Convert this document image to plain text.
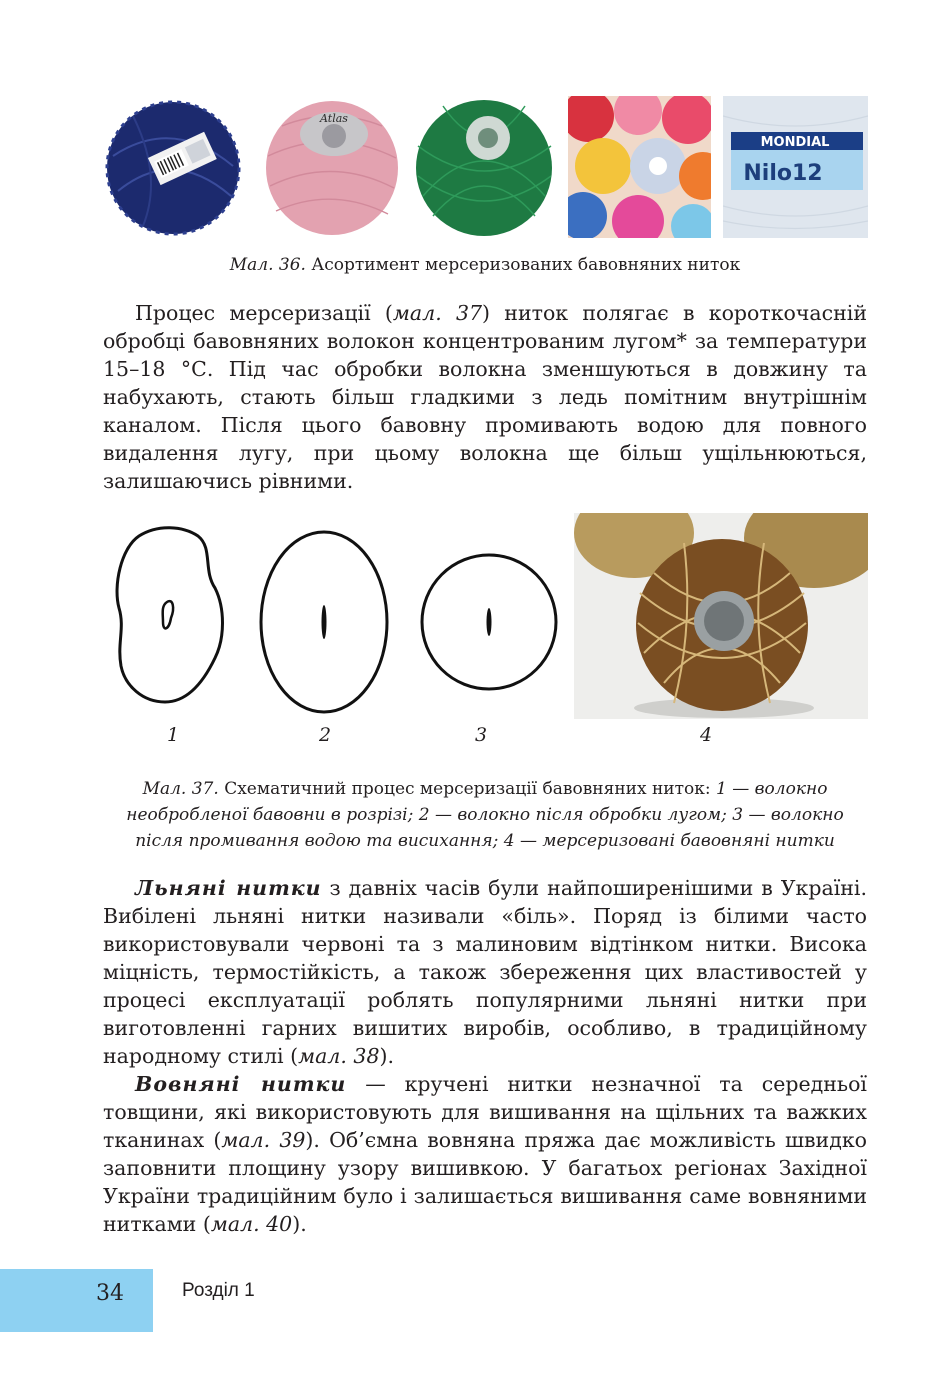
Atlas
MONDIAL
Nilo12
Мал. 36. Асортимент мерсеризованих бавовняних ниток
Процес мерсеризації (мал. 37) ниток полягає в короткочасній обробці бавовняних волокон концентрованим лугом* за температури 15–18 °С. Під час обробки волокна зменшуються в довжину та набухають, стають більш гладкими з ледь помітним внутрішнім каналом. Після цього бавовну промивають водою для повного видалення лугу, при цьому волокна ще більш ущільнюються, залишаючись рівними.
1	2	3	4
Мал. 37. Схематичний процес мерсеризації бавовняних ниток: 1 — волокно необробленої бавовни в розрізі; 2 — волокно після обробки лугом; 3 — волокно після промивання водою та висихання; 4 — мерсеризовані бавовняні нитки
Льняні нитки з давніх часів були найпоширенішими в Україні. Вибілені льняні нитки називали «біль». Поряд із білими часто використовували червоні та з малиновим відтінком нитки. Висока міцність, термостійкість, а також збереження цих властивостей у процесі експлуатації роблять популярними льняні нитки при виготовленні гарних вишитих виробів, особливо, в традиційному народному стилі (мал. 38).
Вовняні нитки — кручені нитки незначної та середньої товщини, які використовують для вишивання на щільних та важких тканинах (мал. 39). Об’ємна вовняна пряжа дає можливість швидко заповнити площину узору вишивкою. У багатьох регіонах Західної України традиційним було і залишається вишивання саме вовняними нитками (мал. 40).
34	Розділ 1
